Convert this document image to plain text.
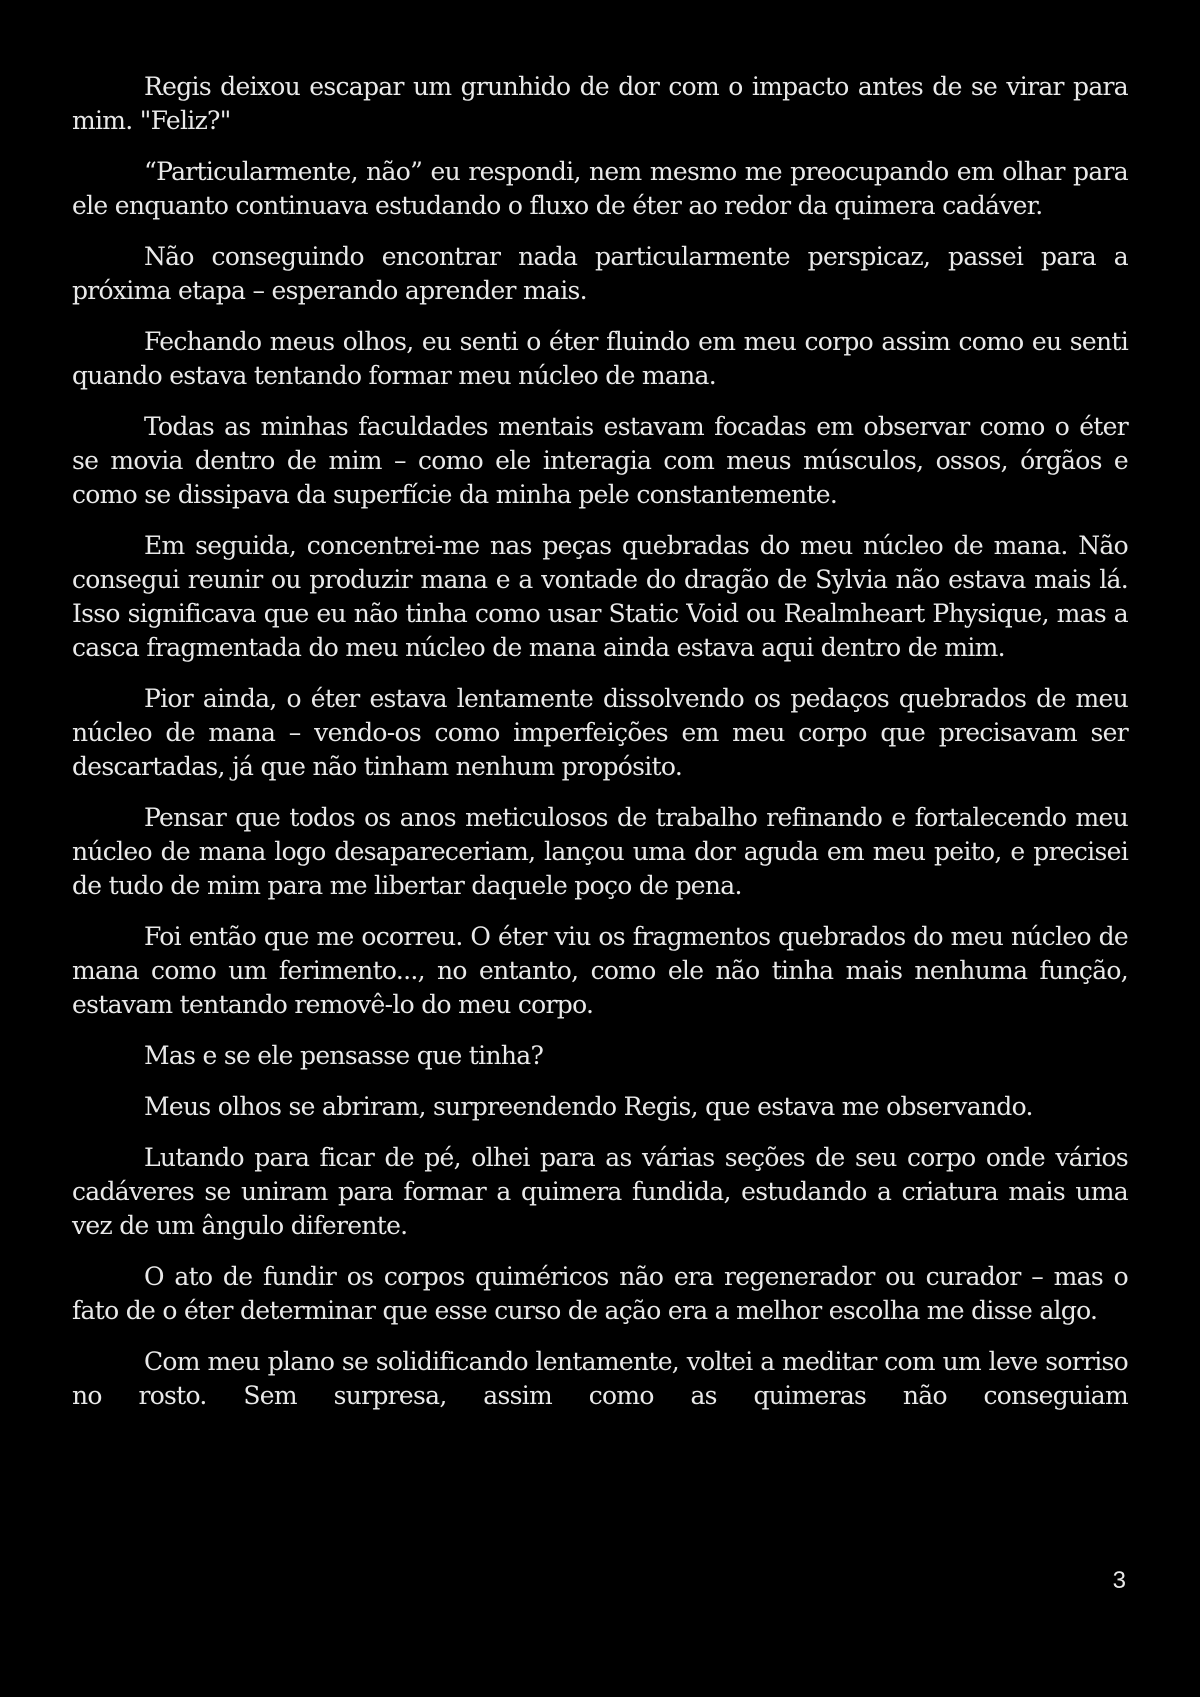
Regis deixou escapar um grunhido de dor com o impacto antes de se virar para mim. "Feliz?"

“Particularmente, não” eu respondi, nem mesmo me preocupando em olhar para ele enquanto continuava estudando o fluxo de éter ao redor da quimera cadáver.

Não conseguindo encontrar nada particularmente perspicaz, passei para a próxima etapa – esperando aprender mais.

Fechando meus olhos, eu senti o éter fluindo em meu corpo assim como eu senti quando estava tentando formar meu núcleo de mana.

Todas as minhas faculdades mentais estavam focadas em observar como o éter se movia dentro de mim – como ele interagia com meus músculos, ossos, órgãos e como se dissipava da superfície da minha pele constantemente.

Em seguida, concentrei-me nas peças quebradas do meu núcleo de mana. Não consegui reunir ou produzir mana e a vontade do dragão de Sylvia não estava mais lá. Isso significava que eu não tinha como usar Static Void ou Realmheart Physique, mas a casca fragmentada do meu núcleo de mana ainda estava aqui dentro de mim.

Pior ainda, o éter estava lentamente dissolvendo os pedaços quebrados de meu núcleo de mana – vendo-os como imperfeições em meu corpo que precisavam ser descartadas, já que não tinham nenhum propósito.

Pensar que todos os anos meticulosos de trabalho refinando e fortalecendo meu núcleo de mana logo desapareceriam, lançou uma dor aguda em meu peito, e precisei de tudo de mim para me libertar daquele poço de pena.

Foi então que me ocorreu. O éter viu os fragmentos quebrados do meu núcleo de mana como um ferimento..., no entanto, como ele não tinha mais nenhuma função, estavam tentando removê-lo do meu corpo.

Mas e se ele pensasse que tinha?

Meus olhos se abriram, surpreendendo Regis, que estava me observando.

Lutando para ficar de pé, olhei para as várias seções de seu corpo onde vários cadáveres se uniram para formar a quimera fundida, estudando a criatura mais uma vez de um ângulo diferente.

O ato de fundir os corpos quiméricos não era regenerador ou curador – mas o fato de o éter determinar que esse curso de ação era a melhor escolha me disse algo.

Com meu plano se solidificando lentamente, voltei a meditar com um leve sorriso no rosto. Sem surpresa, assim como as quimeras não conseguiam

3
